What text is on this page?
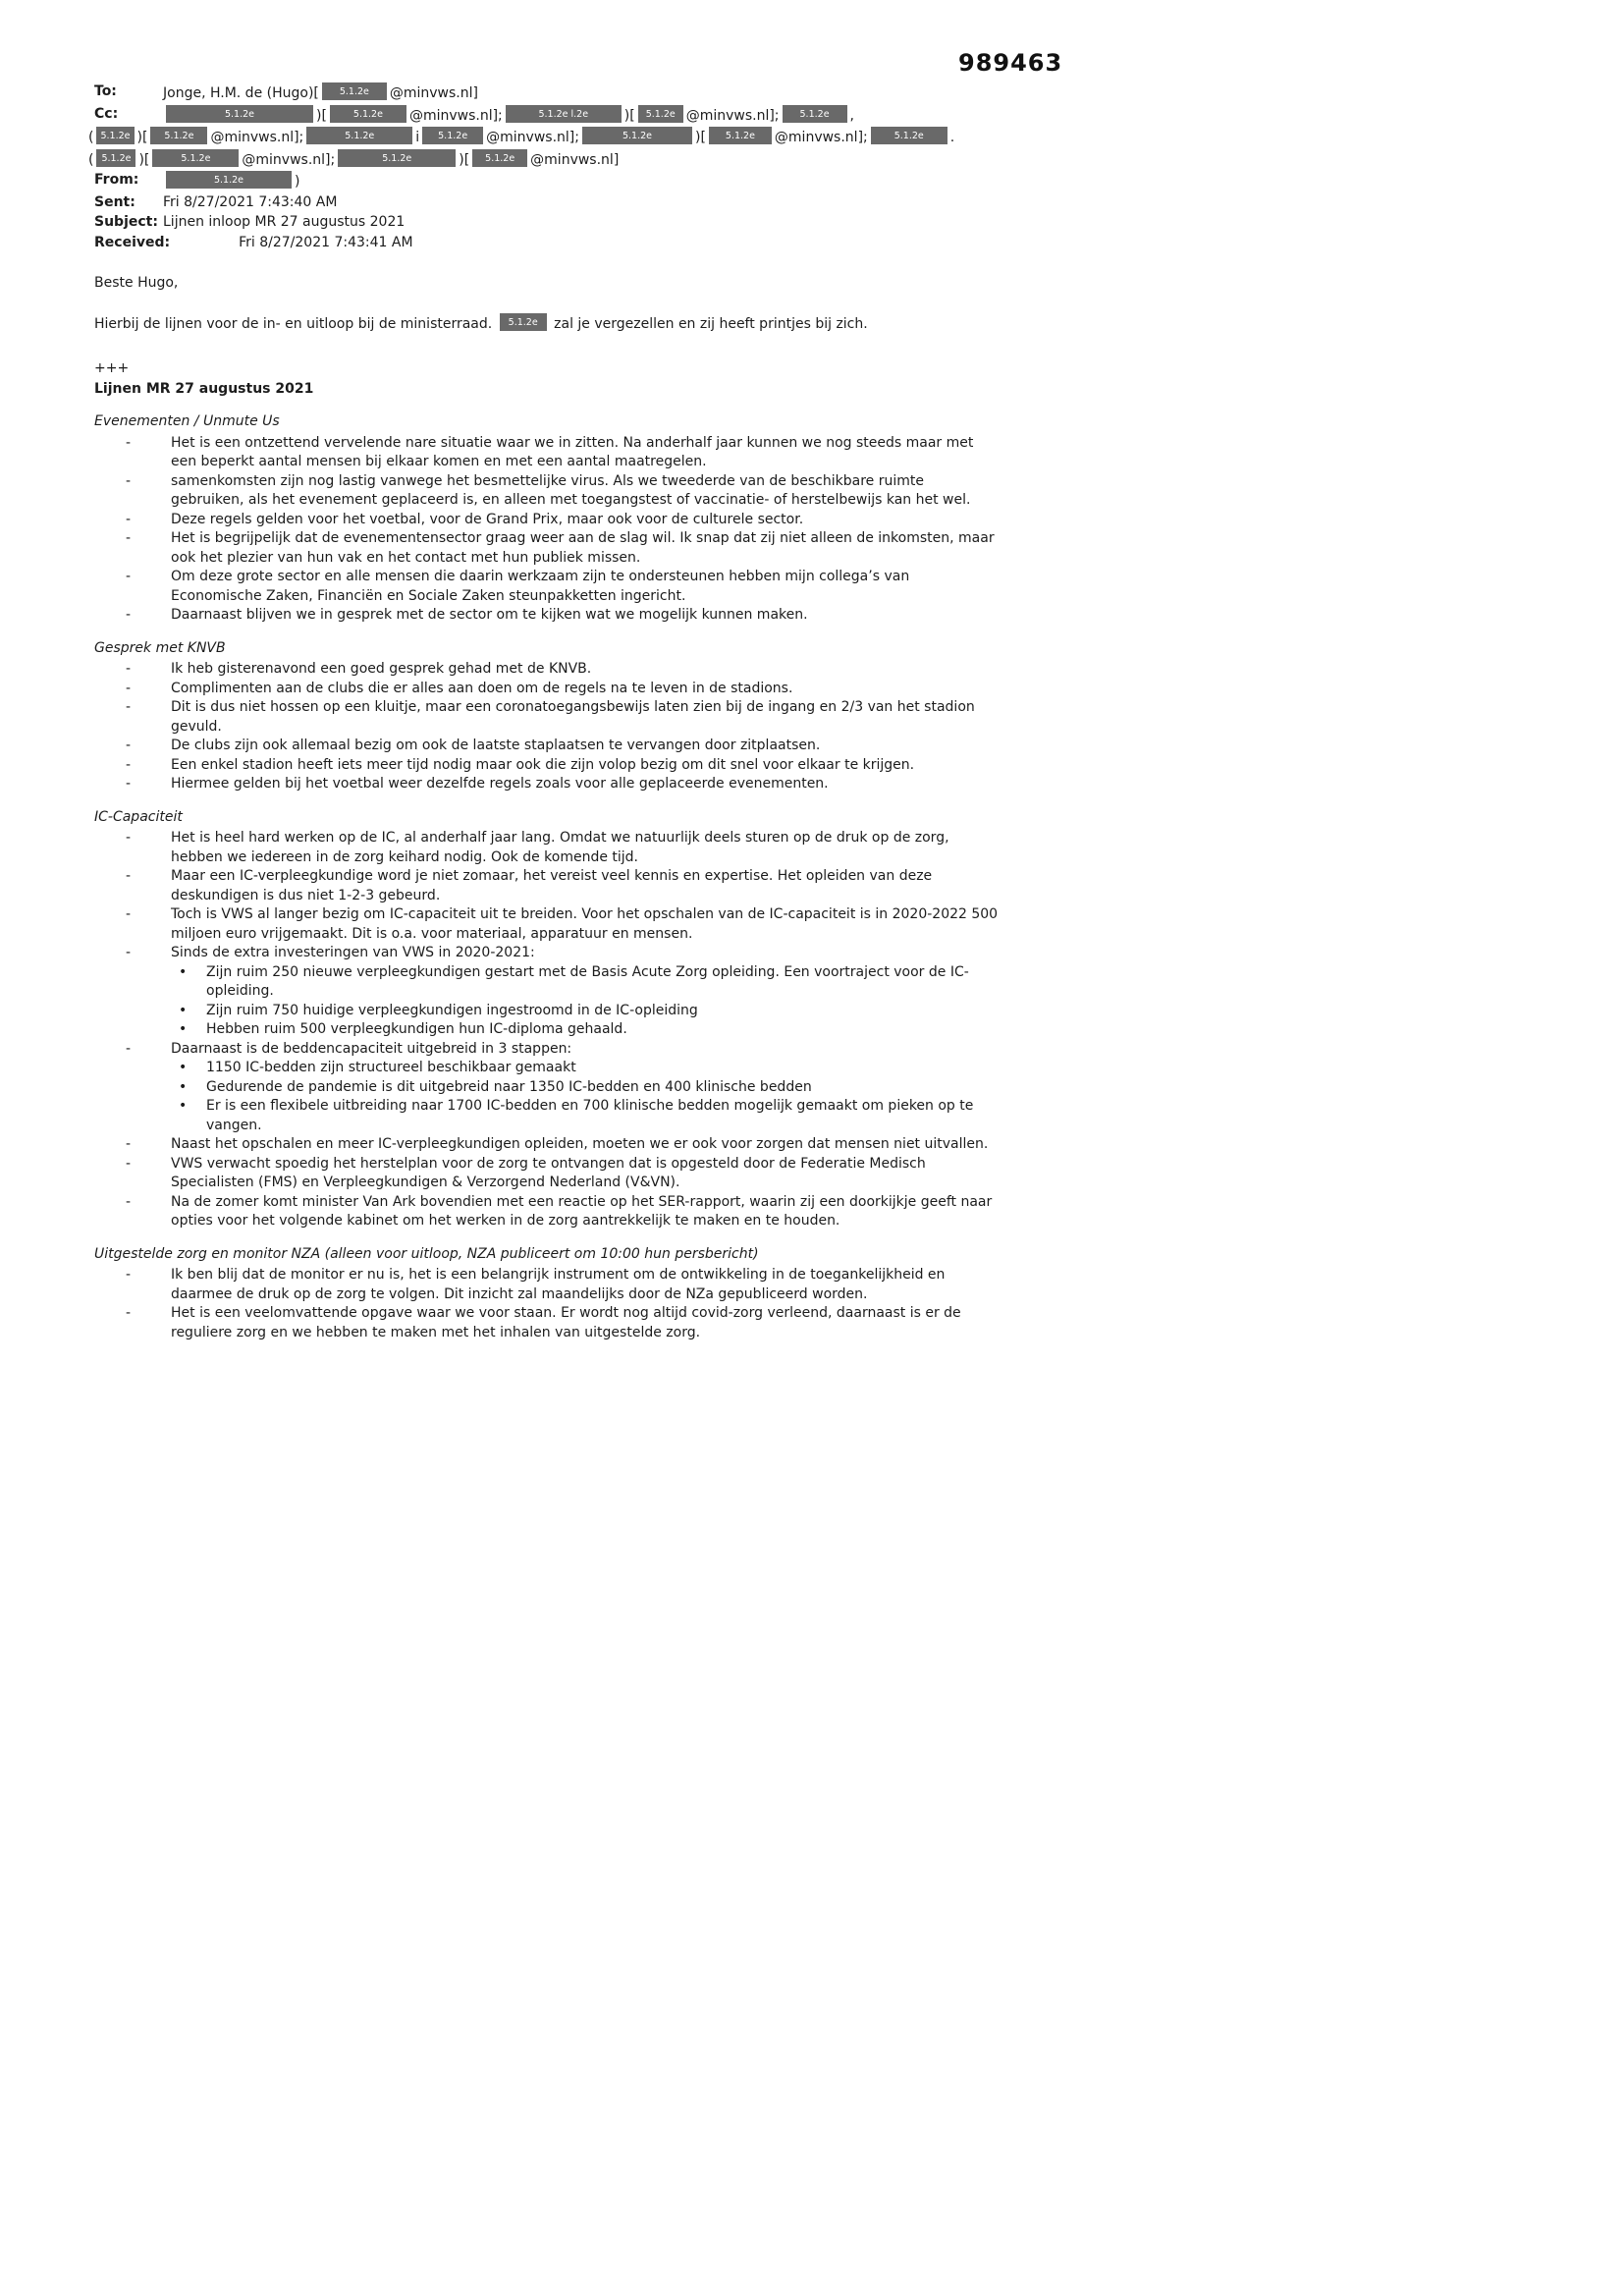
989463
To:	Jonge, H.M. de (Hugo)[ 5.1.2e @minvws.nl]
Cc:	5.1.2e	)[	5.1.2e @minvws.nl];	5.1.2e l.2e	)[ 5.1.2e @minvws.nl]; 5.1.2e ,
( 5.1.2e )[ 5.1.2e @minvws.nl];	5.1.2e	i 5.1.2e @minvws.nl];	5.1.2e	)[ 5.1.2e @minvws.nl];	5.1.2e .
( 5.1.2e )[	5.1.2e @minvws.nl];	5.1.2e	)[ 5.1.2e @minvws.nl]
From:	5.1.2e	)
Sent:	Fri 8/27/2021 7:43:40 AM
Subject: Lijnen inloop MR 27 augustus 2021
Received:	Fri 8/27/2021 7:43:41 AM
Beste Hugo,
Hierbij de lijnen voor de in- en uitloop bij de ministerraad. 5.1.2e zal je vergezellen en zij heeft printjes bij zich.
+++
Lijnen MR 27 augustus 2021
Evenementen / Unmute Us
-	Het is een ontzettend vervelende nare situatie waar we in zitten. Na anderhalf jaar kunnen we nog steeds maar met een beperkt aantal mensen bij elkaar komen en met een aantal maatregelen.
-	samenkomsten zijn nog lastig vanwege het besmettelijke virus. Als we tweederde van de beschikbare ruimte gebruiken, als het evenement geplaceerd is, en alleen met toegangstest of vaccinatie- of herstelbewijs kan het wel.
-	Deze regels gelden voor het voetbal, voor de Grand Prix, maar ook voor de culturele sector.
-	Het is begrijpelijk dat de evenementensector graag weer aan de slag wil. Ik snap dat zij niet alleen de inkomsten, maar ook het plezier van hun vak en het contact met hun publiek missen.
-	Om deze grote sector en alle mensen die daarin werkzaam zijn te ondersteunen hebben mijn collega’s van Economische Zaken, Financiën en Sociale Zaken steunpakketten ingericht.
-	Daarnaast blijven we in gesprek met de sector om te kijken wat we mogelijk kunnen maken.
Gesprek met KNVB
-	Ik heb gisterenavond een goed gesprek gehad met de KNVB.
-	Complimenten aan de clubs die er alles aan doen om de regels na te leven in de stadions.
-	Dit is dus niet hossen op een kluitje, maar een coronatoegangsbewijs laten zien bij de ingang en 2/3 van het stadion gevuld.
-	De clubs zijn ook allemaal bezig om ook de laatste staplaatsen te vervangen door zitplaatsen.
-	Een enkel stadion heeft iets meer tijd nodig maar ook die zijn volop bezig om dit snel voor elkaar te krijgen.
-	Hiermee gelden bij het voetbal weer dezelfde regels zoals voor alle geplaceerde evenementen.
IC-Capaciteit
-	Het is heel hard werken op de IC, al anderhalf jaar lang. Omdat we natuurlijk deels sturen op de druk op de zorg, hebben we iedereen in de zorg keihard nodig. Ook de komende tijd.
-	Maar een IC-verpleegkundige word je niet zomaar, het vereist veel kennis en expertise. Het opleiden van deze deskundigen is dus niet 1-2-3 gebeurd.
-	Toch is VWS al langer bezig om IC-capaciteit uit te breiden. Voor het opschalen van de IC-capaciteit is in 2020-2022 500 miljoen euro vrijgemaakt. Dit is o.a. voor materiaal, apparatuur en mensen.
-	Sinds de extra investeringen van VWS in 2020-2021:
• Zijn ruim 250 nieuwe verpleegkundigen gestart met de Basis Acute Zorg opleiding. Een voortraject voor de IC-opleiding.
• Zijn ruim 750 huidige verpleegkundigen ingestroomd in de IC-opleiding
• Hebben ruim 500 verpleegkundigen hun IC-diploma gehaald.
-	Daarnaast is de beddencapaciteit uitgebreid in 3 stappen:
• 1150 IC-bedden zijn structureel beschikbaar gemaakt
• Gedurende de pandemie is dit uitgebreid naar 1350 IC-bedden en 400 klinische bedden
• Er is een flexibele uitbreiding naar 1700 IC-bedden en 700 klinische bedden mogelijk gemaakt om pieken op te vangen.
-	Naast het opschalen en meer IC-verpleegkundigen opleiden, moeten we er ook voor zorgen dat mensen niet uitvallen.
-	VWS verwacht spoedig het herstelplan voor de zorg te ontvangen dat is opgesteld door de Federatie Medisch Specialisten (FMS) en Verpleegkundigen & Verzorgend Nederland (V&VN).
-	Na de zomer komt minister Van Ark bovendien met een reactie op het SER-rapport, waarin zij een doorkijkje geeft naar opties voor het volgende kabinet om het werken in de zorg aantrekkelijk te maken en te houden.
Uitgestelde zorg en monitor NZA (alleen voor uitloop, NZA publiceert om 10:00 hun persbericht)
-	Ik ben blij dat de monitor er nu is, het is een belangrijk instrument om de ontwikkeling in de toegankelijkheid en daarmee de druk op de zorg te volgen. Dit inzicht zal maandelijks door de NZa gepubliceerd worden.
-	Het is een veelomvattende opgave waar we voor staan. Er wordt nog altijd covid-zorg verleend, daarnaast is er de reguliere zorg en we hebben te maken met het inhalen van uitgestelde zorg.
